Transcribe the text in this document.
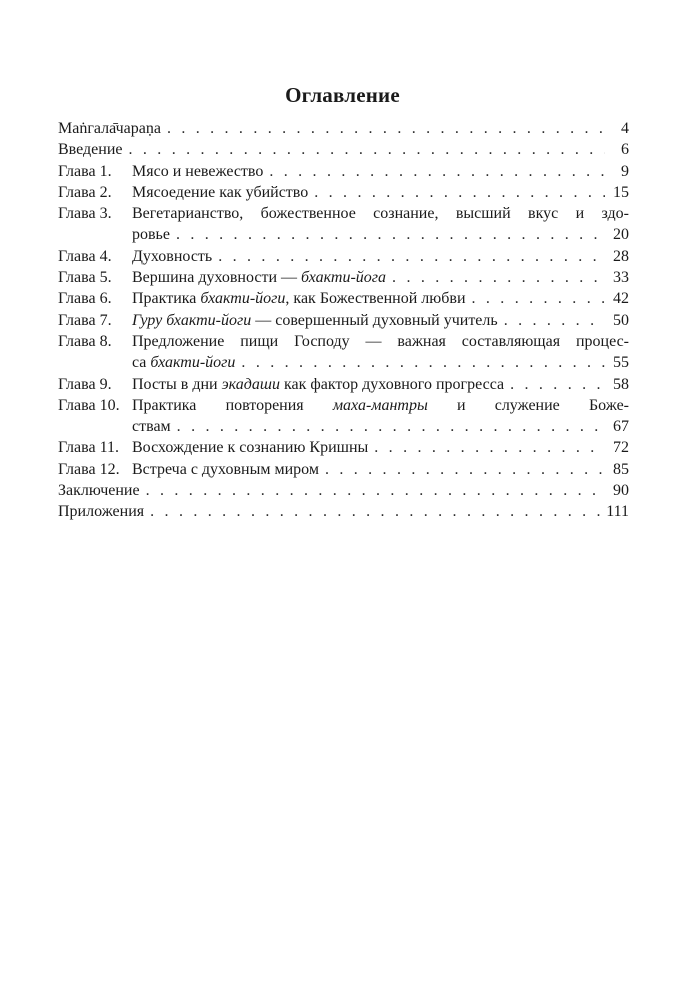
Оглавление
Маṅгала̄чараṇа . . .	4
Введение . . .	6
Глава 1.	Мясо и невежество . . .	9
Глава 2.	Мясоедение как убийство . . .	15
Глава 3.	Вегетарианство, божественное сознание, высший вкус и здо-
ровье . . .	20
Глава 4.	Духовность . . .	28
Глава 5.	Вершина духовности — бхакти-йога . . .	33
Глава 6.	Практика бхакти-йоги, как Божественной любви . . .	42
Глава 7.	Гуру бхакти-йоги — совершенный духовный учитель . . .	50
Глава 8.	Предложение пищи Господу — важная составляющая процес-
са бхакти-йоги . . .	55
Глава 9.	Посты в дни экадаши как фактор духовного прогресса . . .	58
Глава 10. Практика повторения маха-мантры и служение Боже-
ствам . . .	67
Глава 11. Восхождение к сознанию Кришны . . .	72
Глава 12. Встреча с духовным миром . . .	85
Заключение . . .	90
Приложения . . .	111
